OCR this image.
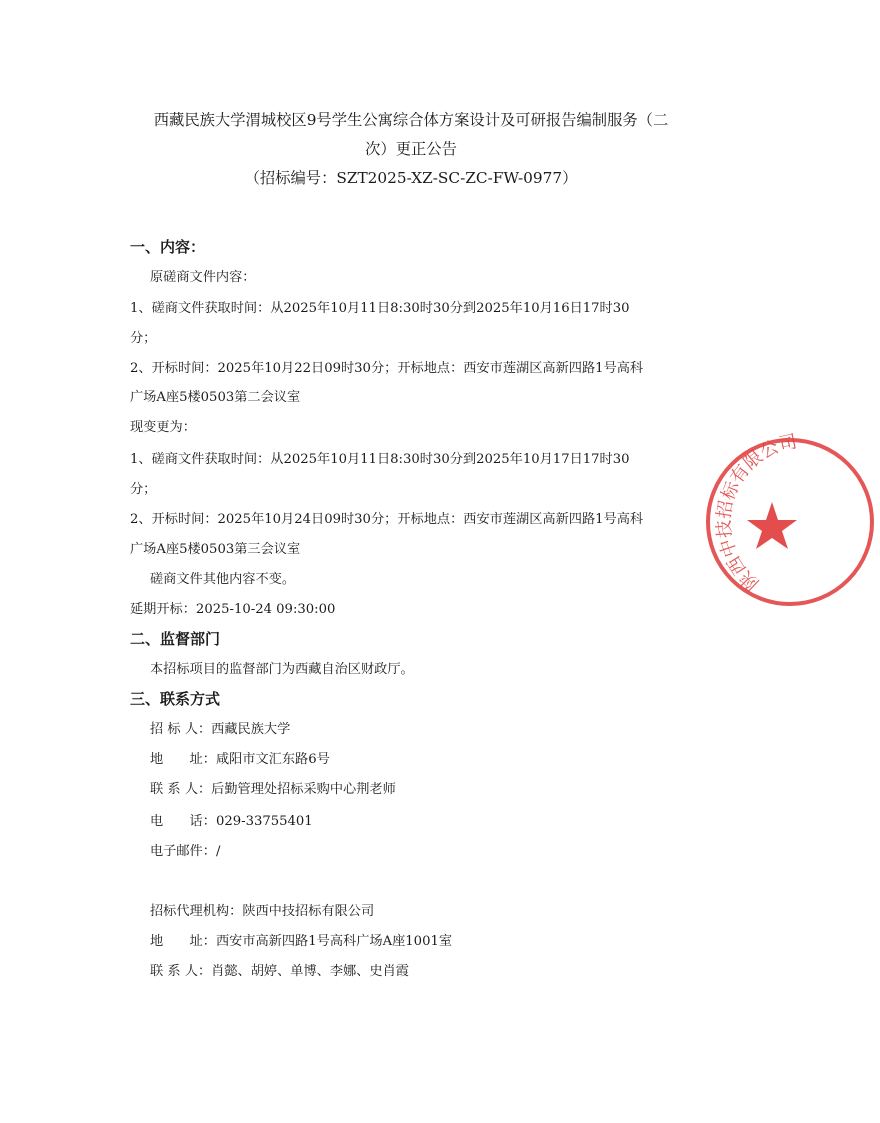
西藏民族大学渭城校区9号学生公寓综合体方案设计及可研报告编制服务（二
次）更正公告
（招标编号：SZT2025-XZ-SC-ZC-FW-0977）
一、内容：
原磋商文件内容：
1、磋商文件获取时间：从2025年10月11日8:30时30分到2025年10月16日17时30
分；
2、开标时间：2025年10月22日09时30分；开标地点：西安市莲湖区高新四路1号高科
广场A座5楼0503第二会议室
现变更为：
1、磋商文件获取时间：从2025年10月11日8:30时30分到2025年10月17日17时30
分；
2、开标时间：2025年10月24日09时30分；开标地点：西安市莲湖区高新四路1号高科
广场A座5楼0503第三会议室
磋商文件其他内容不变。
延期开标：2025-10-24 09:30:00
二、监督部门
本招标项目的监督部门为西藏自治区财政厅。
三、联系方式
招 标 人：西藏民族大学
地　　址：咸阳市文汇东路6号
联 系 人：后勤管理处招标采购中心荆老师
电　　话：029-33755401
电子邮件：/
招标代理机构：陕西中技招标有限公司
地　　址：西安市高新四路1号高科广场A座1001室
联 系 人：肖懿、胡婷、单博、李娜、史肖霞
陕西中技招标有限公司
